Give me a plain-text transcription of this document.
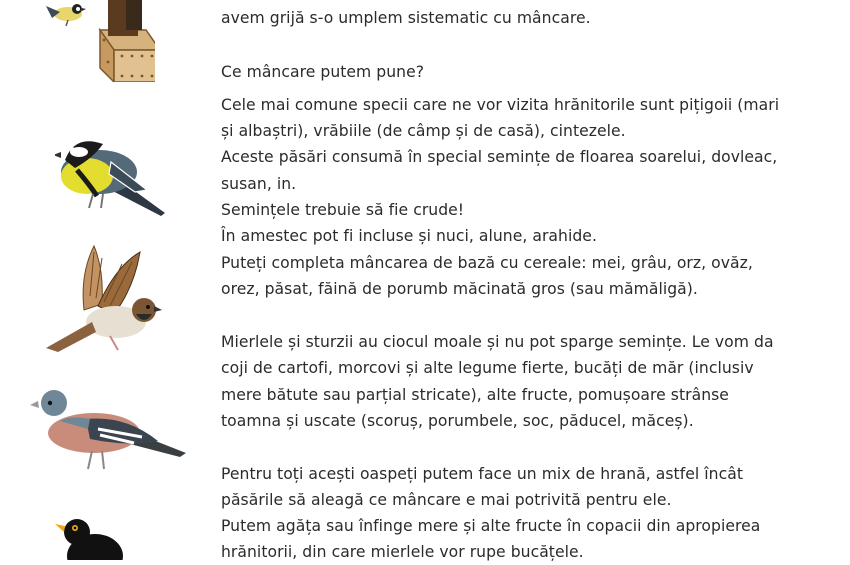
avem grijă s-o umplem sistematic cu mâncare.
Ce mâncare putem pune?
Cele mai comune specii care ne vor vizita hrănitorile sunt pițigoii (mari
și albaștri), vrăbiile (de câmp și de casă), cintezele.
Aceste păsări consumă în special semințe de floarea soarelui, dovleac,
susan, in.
Semințele trebuie să fie crude!
În amestec pot fi incluse și nuci, alune, arahide.
Puteți completa mâncarea de bază cu cereale: mei, grâu, orz, ovăz,
orez, păsat, făină de porumb măcinată gros (sau mămăligă).
Mierlele și sturzii au ciocul moale și nu pot sparge semințe. Le vom da
coji de cartofi, morcovi și alte legume fierte, bucăți de măr (inclusiv
mere bătute sau parțial stricate), alte fructe, pomușoare strânse
toamna și uscate (scoruș, porumbele, soc, păducel, măceș).
Pentru toți acești oaspeți putem face un mix de hrană, astfel încât
păsările să aleagă ce mâncare e mai potrivită pentru ele.
Putem agăța sau înfinge mere și alte fructe în copacii din apropierea
hrănitorii, din care mierlele vor rupe bucățele.
